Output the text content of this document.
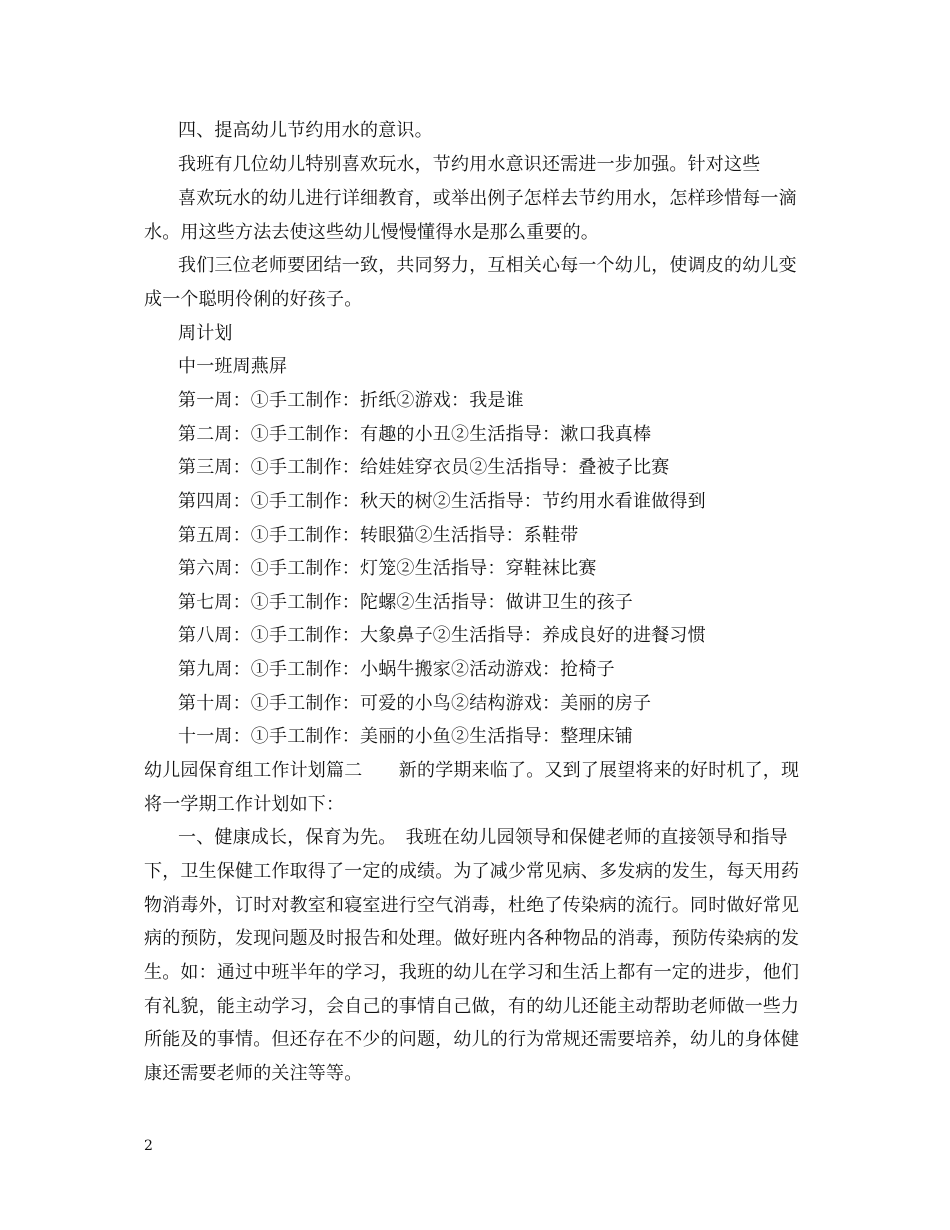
四、提高幼儿节约用水的意识。
我班有几位幼儿特别喜欢玩水，节约用水意识还需进一步加强。针对这些
喜欢玩水的幼儿进行详细教育，或举出例子怎样去节约用水，怎样珍惜每一滴
水。用这些方法去使这些幼儿慢慢懂得水是那么重要的。
我们三位老师要团结一致，共同努力，互相关心每一个幼儿，使调皮的幼儿变
成一个聪明伶俐的好孩子。
周计划
中一班周燕屏
第一周：①手工制作：折纸②游戏：我是谁
第二周：①手工制作：有趣的小丑②生活指导：漱口我真棒
第三周：①手工制作：给娃娃穿衣员②生活指导：叠被子比赛
第四周：①手工制作：秋天的树②生活指导：节约用水看谁做得到
第五周：①手工制作：转眼猫②生活指导：系鞋带
第六周：①手工制作：灯笼②生活指导：穿鞋袜比赛
第七周：①手工制作：陀螺②生活指导：做讲卫生的孩子
第八周：①手工制作：大象鼻子②生活指导：养成良好的进餐习惯
第九周：①手工制作：小蜗牛搬家②活动游戏：抢椅子
第十周：①手工制作：可爱的小鸟②结构游戏：美丽的房子
十一周：①手工制作：美丽的小鱼②生活指导：整理床铺
幼儿园保育组工作计划篇二　　新的学期来临了。又到了展望将来的好时机了，现
将一学期工作计划如下：
一、健康成长，保育为先。　我班在幼儿园领导和保健老师的直接领导和指导
下，卫生保健工作取得了一定的成绩。为了减少常见病、多发病的发生，每天用药
物消毒外，订时对教室和寝室进行空气消毒，杜绝了传染病的流行。同时做好常见
病的预防，发现问题及时报告和处理。做好班内各种物品的消毒，预防传染病的发
生。如：通过中班半年的学习，我班的幼儿在学习和生活上都有一定的进步，他们
有礼貌，能主动学习，会自己的事情自己做，有的幼儿还能主动帮助老师做一些力
所能及的事情。但还存在不少的问题，幼儿的行为常规还需要培养，幼儿的身体健
康还需要老师的关注等等。
2
